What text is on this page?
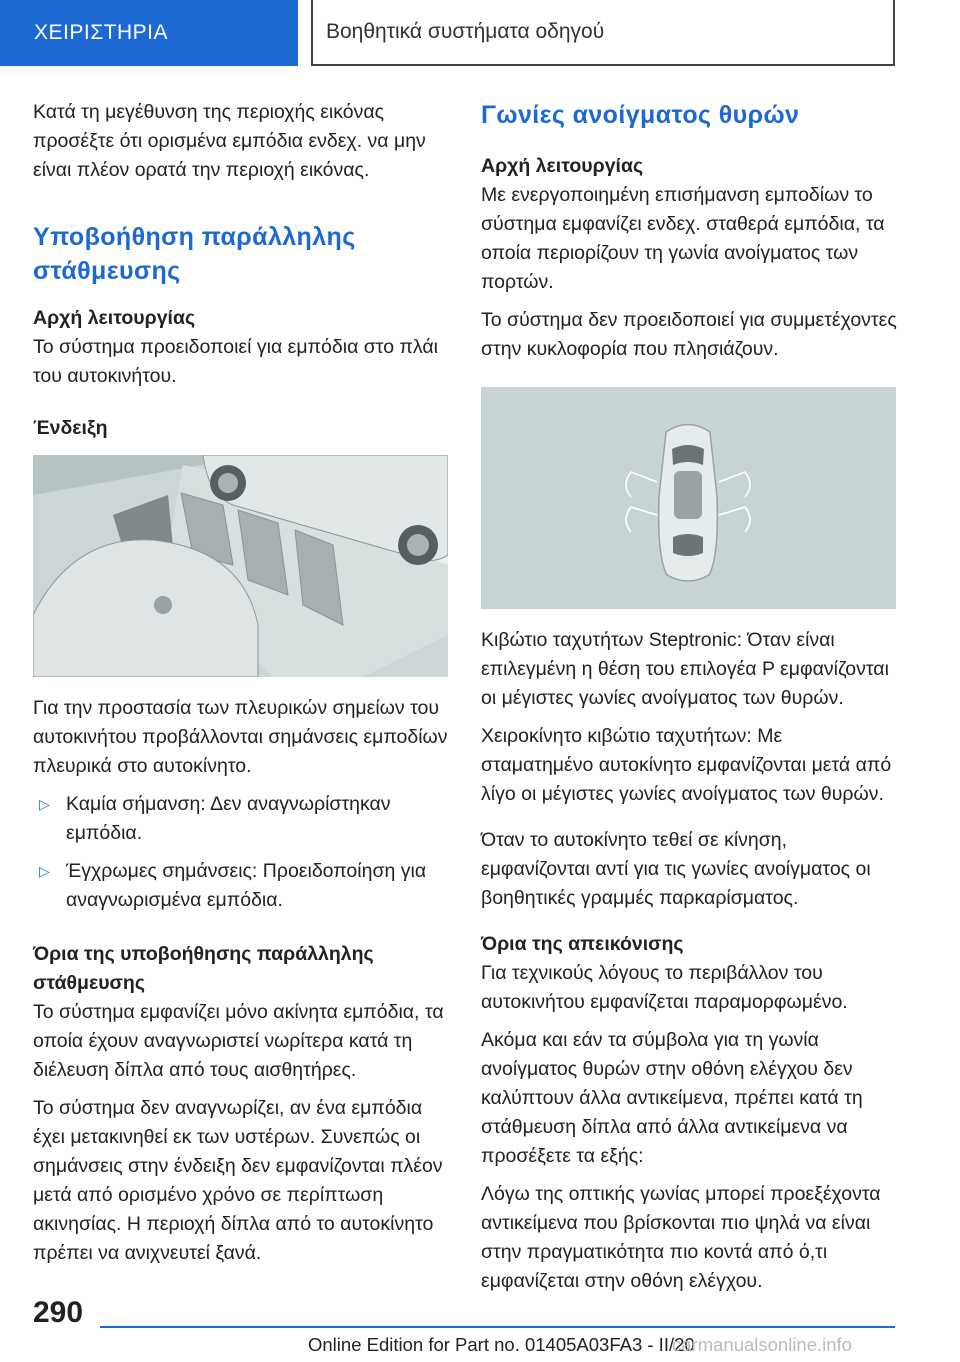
ΧΕΙΡΙΣΤΗΡΙΑ	Βοηθητικά συστήματα οδηγού

Κατά τη μεγέθυνση της περιοχής εικόνας προσέξτε ότι ορισμένα εμπόδια ενδεχ. να μην είναι πλέον ορατά την περιοχή εικόνας.

Υποβοήθηση παράλληλης στάθμευσης
Αρχή λειτουργίας

Το σύστημα προειδοποιεί για εμπόδια στο πλάι του αυτοκινήτου.

Ένδειξη

Για την προστασία των πλευρικών σημείων του αυτοκινήτου προβάλλονται σημάνσεις εμποδίων πλευρικά στο αυτοκίνητο.

▷ Καμία σήμανση: Δεν αναγνωρίστηκαν εμπόδια.

▷ Έγχρωμες σημάνσεις: Προειδοποίηση για αναγνωρισμένα εμπόδια.

Όρια της υποβοήθησης παράλληλης στάθμευσης

Το σύστημα εμφανίζει μόνο ακίνητα εμπόδια, τα οποία έχουν αναγνωριστεί νωρίτερα κατά τη διέλευση δίπλα από τους αισθητήρες.

Το σύστημα δεν αναγνωρίζει, αν ένα εμπόδια έχει μετακινηθεί εκ των υστέρων. Συνεπώς οι σημάνσεις στην ένδειξη δεν εμφανίζονται πλέον μετά από ορισμένο χρόνο σε περίπτωση ακινησίας. Η περιοχή δίπλα από το αυτοκίνητο πρέπει να ανιχνευτεί ξανά.

Γωνίες ανοίγματος θυρών
Αρχή λειτουργίας

Με ενεργοποιημένη επισήμανση εμποδίων το σύστημα εμφανίζει ενδεχ. σταθερά εμπόδια, τα οποία περιορίζουν τη γωνία ανοίγματος των πορτών.

Το σύστημα δεν προειδοποιεί για συμμετέχοντες στην κυκλοφορία που πλησιάζουν.

Κιβώτιο ταχυτήτων Steptronic: Όταν είναι επιλεγμένη η θέση του επιλογέα P εμφανίζονται οι μέγιστες γωνίες ανοίγματος των θυρών.

Χειροκίνητο κιβώτιο ταχυτήτων: Με σταματημένο αυτοκίνητο εμφανίζονται μετά από λίγο οι μέγιστες γωνίες ανοίγματος των θυρών.

Όταν το αυτοκίνητο τεθεί σε κίνηση, εμφανίζονται αντί για τις γωνίες ανοίγματος οι βοηθητικές γραμμές παρκαρίσματος.

Όρια της απεικόνισης

Για τεχνικούς λόγους το περιβάλλον του αυτοκινήτου εμφανίζεται παραμορφωμένο.

Ακόμα και εάν τα σύμβολα για τη γωνία ανοίγματος θυρών στην οθόνη ελέγχου δεν καλύπτουν άλλα αντικείμενα, πρέπει κατά τη στάθμευση δίπλα από άλλα αντικείμενα να προσέξετε τα εξής:

Λόγω της οπτικής γωνίας μπορεί προεξέχοντα αντικείμενα που βρίσκονται πιο ψηλά να είναι στην πραγματικότητα πιο κοντά από ό,τι εμφανίζεται στην οθόνη ελέγχου.

290
Online Edition for Part no. 01405A03FA3 - II/20
carmanualsonline.info
